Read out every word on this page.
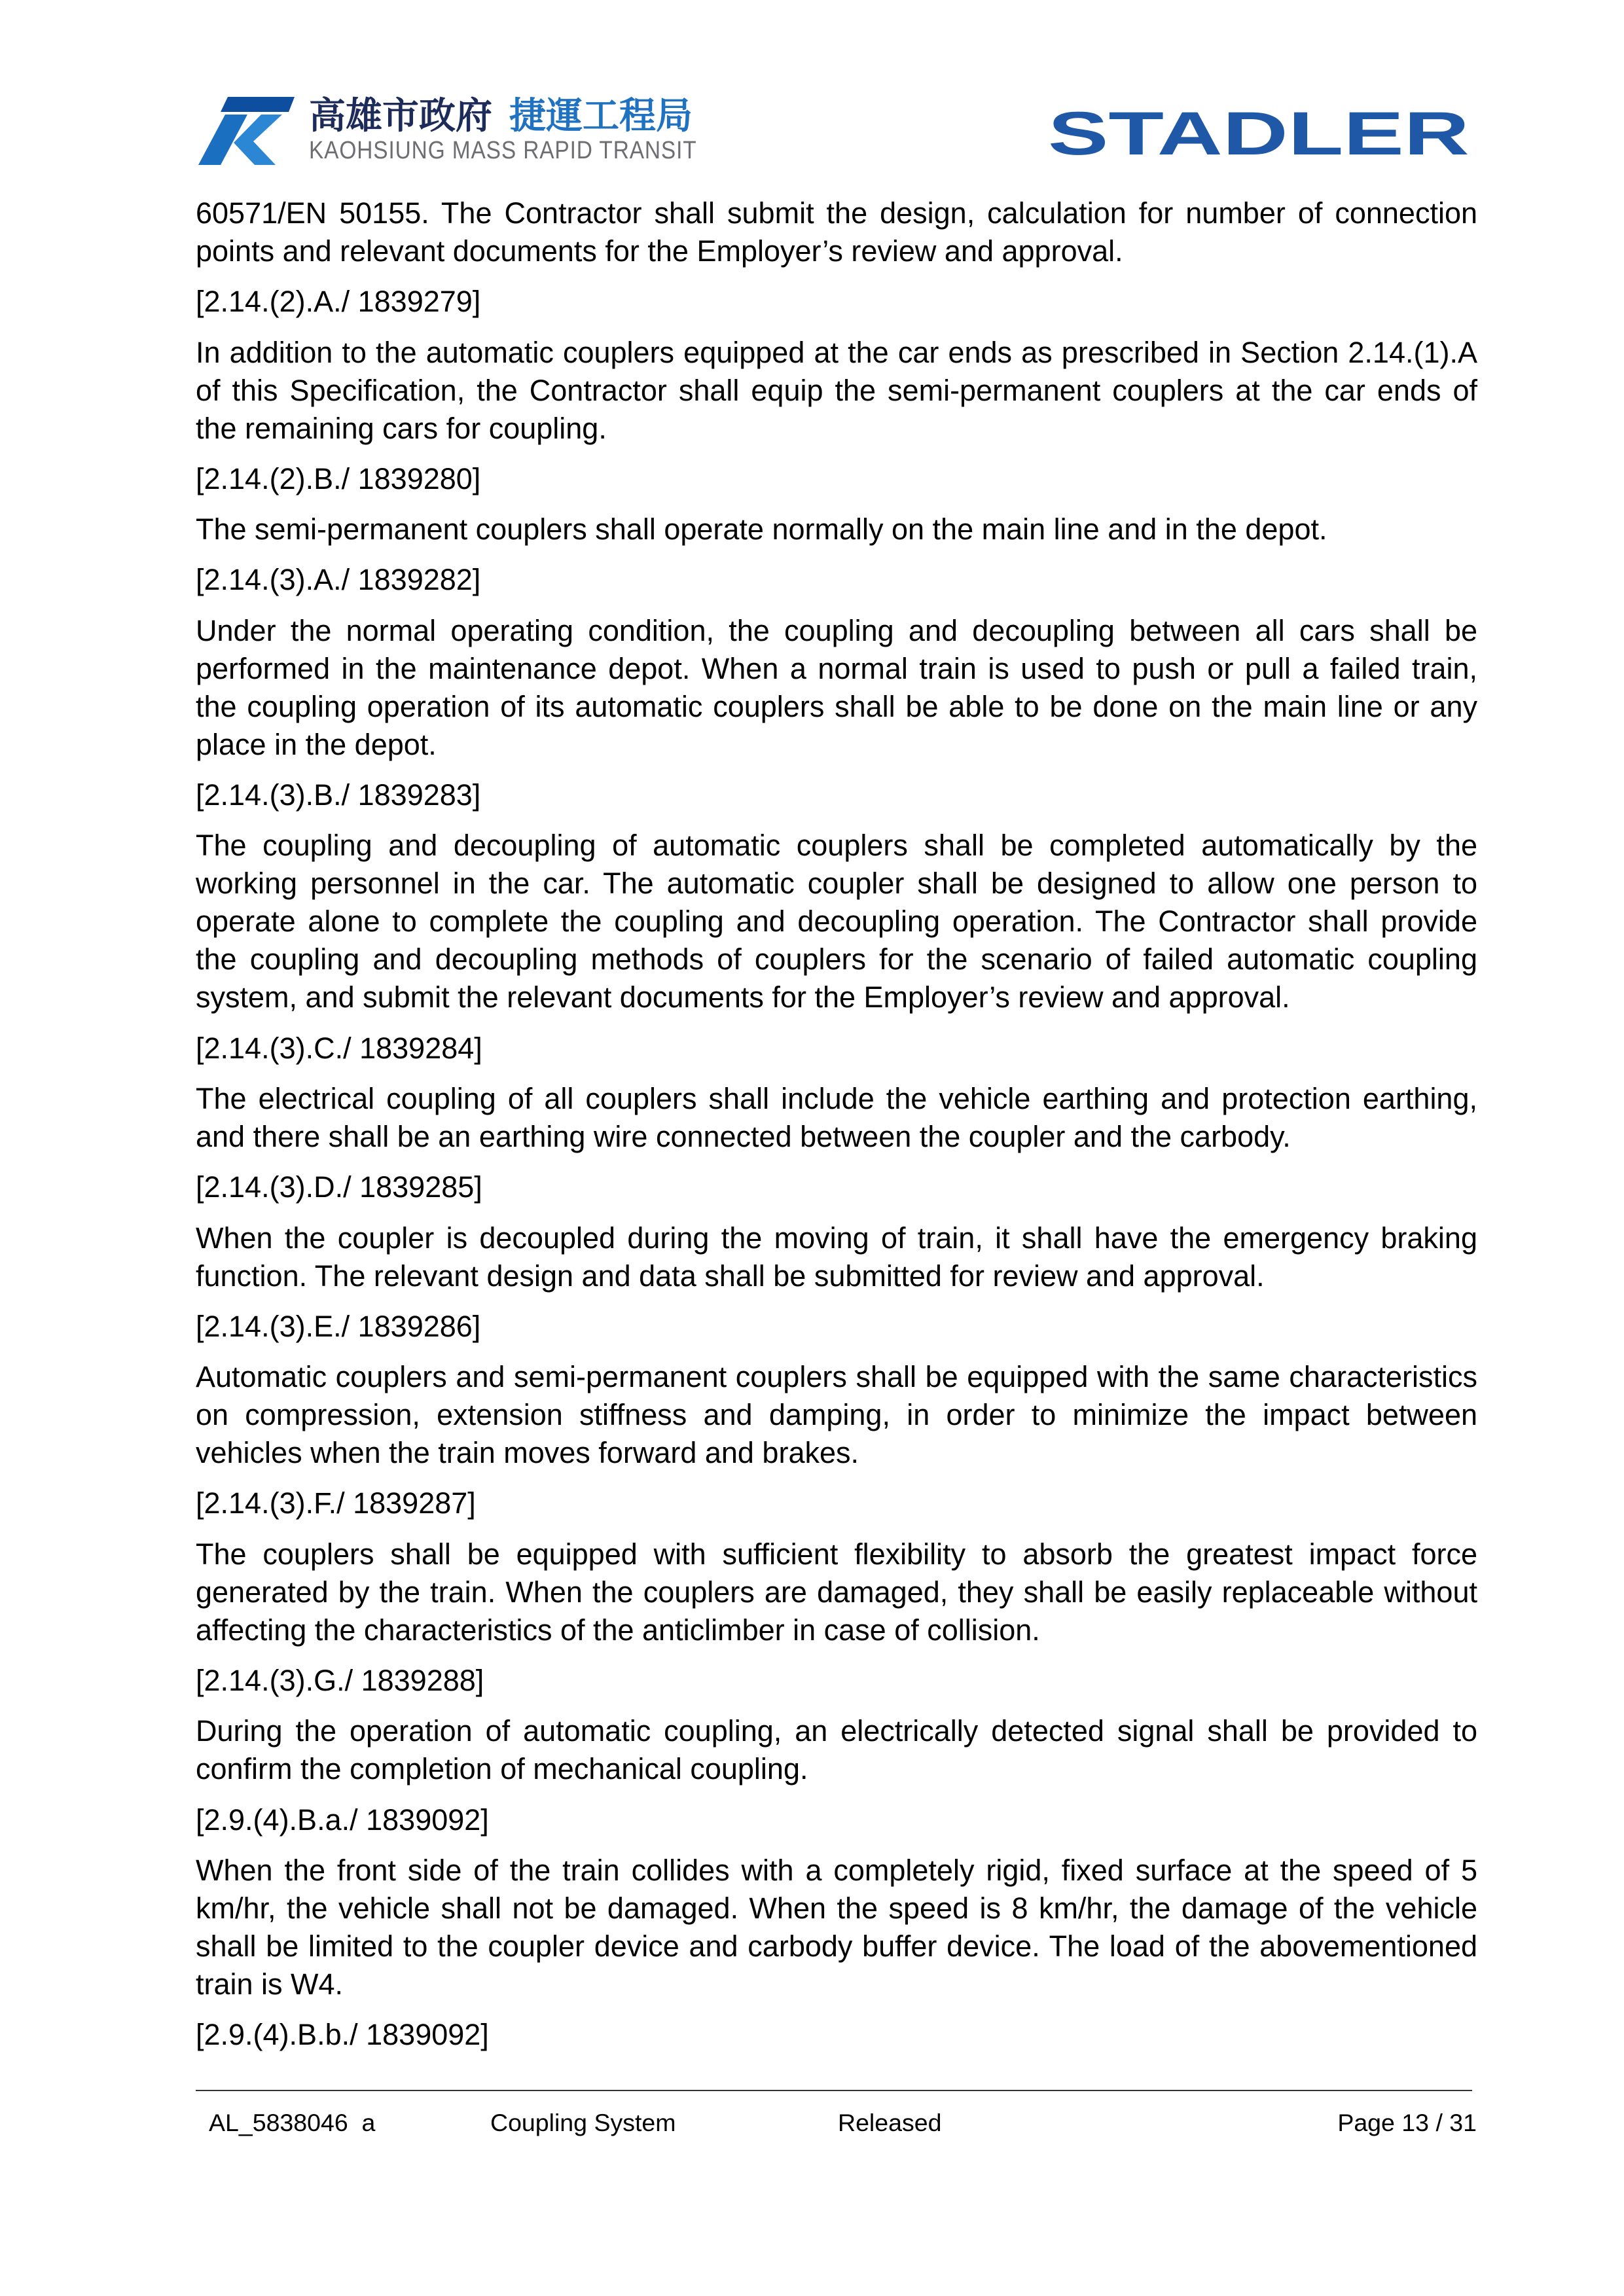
高雄市政府 捷運工程局
KAOHSIUNG MASS RAPID TRANSIT	STADLER
60571/EN 50155. The Contractor shall submit the design, calculation for number of connection
points and relevant documents for the Employer’s review and approval.
[2.14.(2).A./ 1839279]
In addition to the automatic couplers equipped at the car ends as prescribed in Section 2.14.(1).A
of this Specification, the Contractor shall equip the semi-permanent couplers at the car ends of
the remaining cars for coupling.
[2.14.(2).B./ 1839280]
The semi-permanent couplers shall operate normally on the main line and in the depot.
[2.14.(3).A./ 1839282]
Under the normal operating condition, the coupling and decoupling between all cars shall be
performed in the maintenance depot. When a normal train is used to push or pull a failed train,
the coupling operation of its automatic couplers shall be able to be done on the main line or any
place in the depot.
[2.14.(3).B./ 1839283]
The coupling and decoupling of automatic couplers shall be completed automatically by the
working personnel in the car. The automatic coupler shall be designed to allow one person to
operate alone to complete the coupling and decoupling operation. The Contractor shall provide
the coupling and decoupling methods of couplers for the scenario of failed automatic coupling
system, and submit the relevant documents for the Employer’s review and approval.
[2.14.(3).C./ 1839284]
The electrical coupling of all couplers shall include the vehicle earthing and protection earthing,
and there shall be an earthing wire connected between the coupler and the carbody.
[2.14.(3).D./ 1839285]
When the coupler is decoupled during the moving of train, it shall have the emergency braking
function. The relevant design and data shall be submitted for review and approval.
[2.14.(3).E./ 1839286]
Automatic couplers and semi-permanent couplers shall be equipped with the same characteristics
on compression, extension stiffness and damping, in order to minimize the impact between
vehicles when the train moves forward and brakes.
[2.14.(3).F./ 1839287]
The couplers shall be equipped with sufficient flexibility to absorb the greatest impact force
generated by the train. When the couplers are damaged, they shall be easily replaceable without
affecting the characteristics of the anticlimber in case of collision.
[2.14.(3).G./ 1839288]
During the operation of automatic coupling, an electrically detected signal shall be provided to
confirm the completion of mechanical coupling.
[2.9.(4).B.a./ 1839092]
When the front side of the train collides with a completely rigid, fixed surface at the speed of 5
km/hr, the vehicle shall not be damaged. When the speed is 8 km/hr, the damage of the vehicle
shall be limited to the coupler device and carbody buffer device. The load of the abovementioned
train is W4.
[2.9.(4).B.b./ 1839092]
AL_5838046  a	Coupling System	Released	Page 13 / 31
